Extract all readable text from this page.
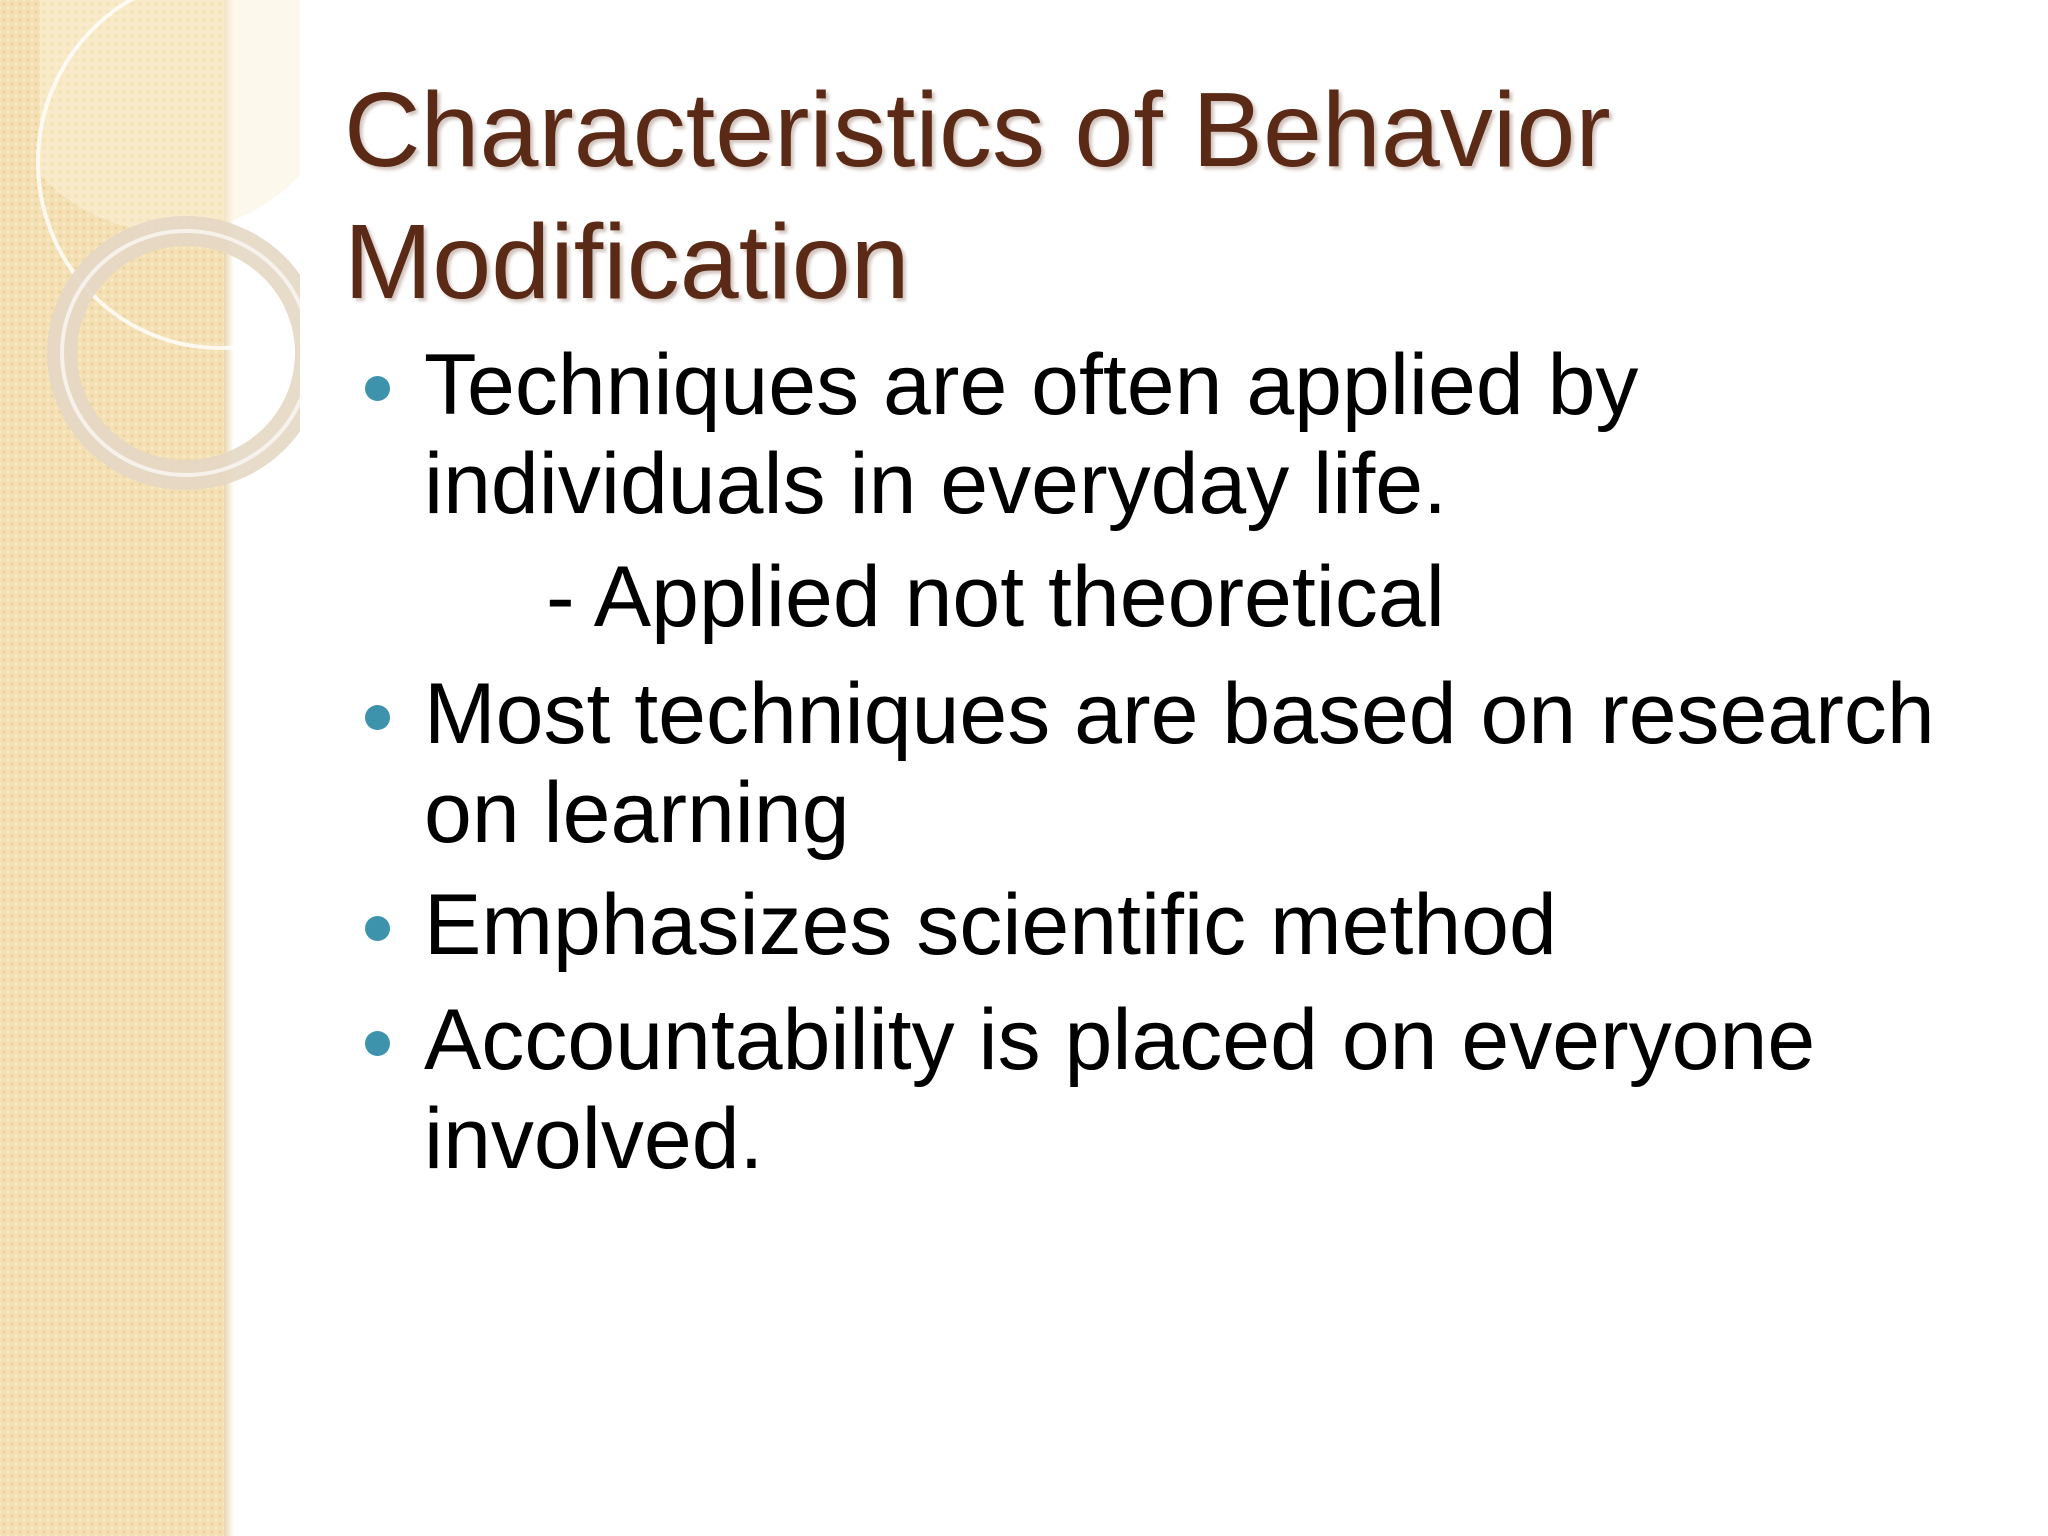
Characteristics of Behavior Modification
Techniques are often applied by individuals in everyday life.
- Applied not theoretical
Most techniques are based on research on learning
Emphasizes scientific method
Accountability is placed on everyone involved.
